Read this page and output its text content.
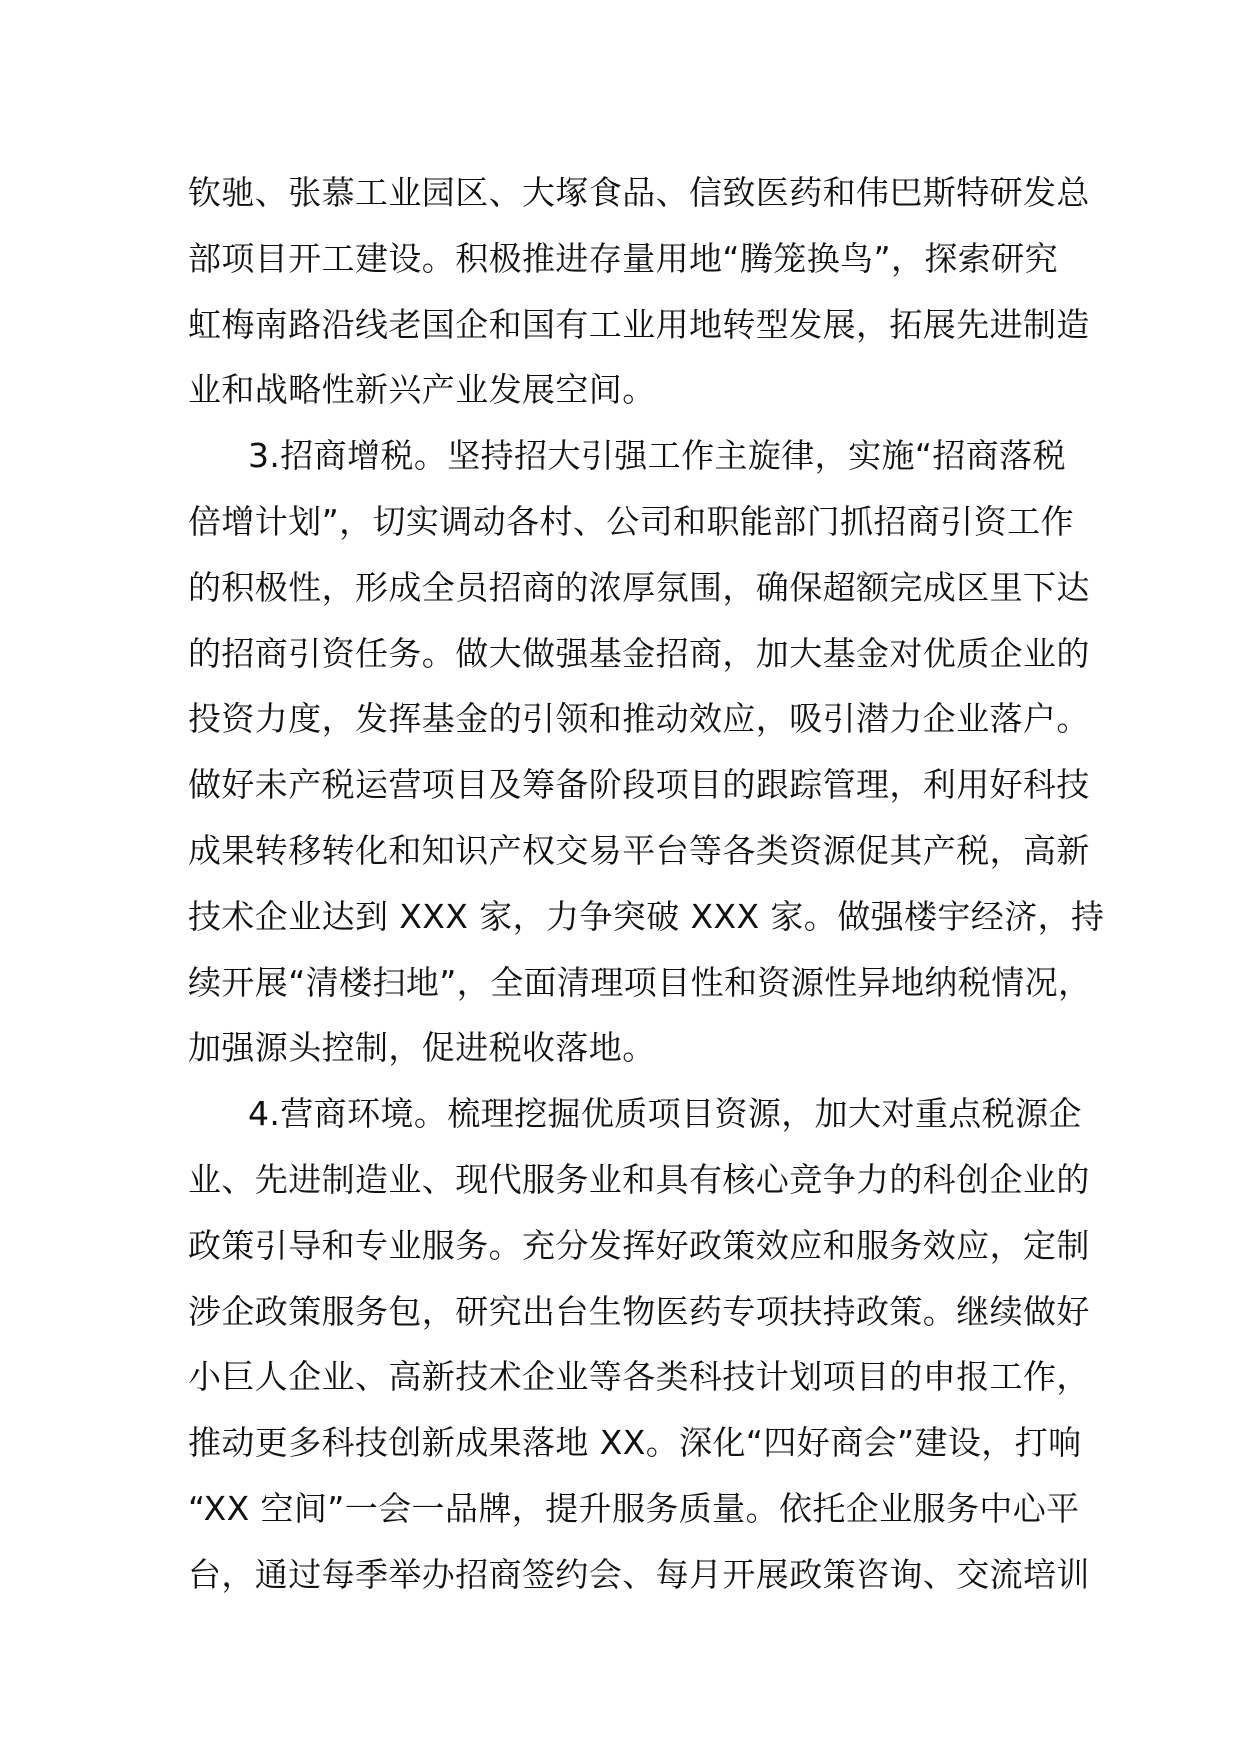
钦驰、张慕工业园区、大塚食品、信致医药和伟巴斯特研发总
部项目开工建设。积极推进存量用地“腾笼换鸟”，探索研究
虹梅南路沿线老国企和国有工业用地转型发展，拓展先进制造
业和战略性新兴产业发展空间。
3.招商增税。坚持招大引强工作主旋律，实施“招商落税
倍增计划”，切实调动各村、公司和职能部门抓招商引资工作
的积极性，形成全员招商的浓厚氛围，确保超额完成区里下达
的招商引资任务。做大做强基金招商，加大基金对优质企业的
投资力度，发挥基金的引领和推动效应，吸引潜力企业落户。
做好未产税运营项目及筹备阶段项目的跟踪管理，利用好科技
成果转移转化和知识产权交易平台等各类资源促其产税，高新
技术企业达到 XXX 家，力争突破 XXX 家。做强楼宇经济，持
续开展“清楼扫地”，全面清理项目性和资源性异地纳税情况，
加强源头控制，促进税收落地。
4.营商环境。梳理挖掘优质项目资源，加大对重点税源企
业、先进制造业、现代服务业和具有核心竞争力的科创企业的
政策引导和专业服务。充分发挥好政策效应和服务效应，定制
涉企政策服务包，研究出台生物医药专项扶持政策。继续做好
小巨人企业、高新技术企业等各类科技计划项目的申报工作，
推动更多科技创新成果落地 XX。深化“四好商会”建设，打响
“XX 空间”一会一品牌，提升服务质量。依托企业服务中心平
台，通过每季举办招商签约会、每月开展政策咨询、交流培训
